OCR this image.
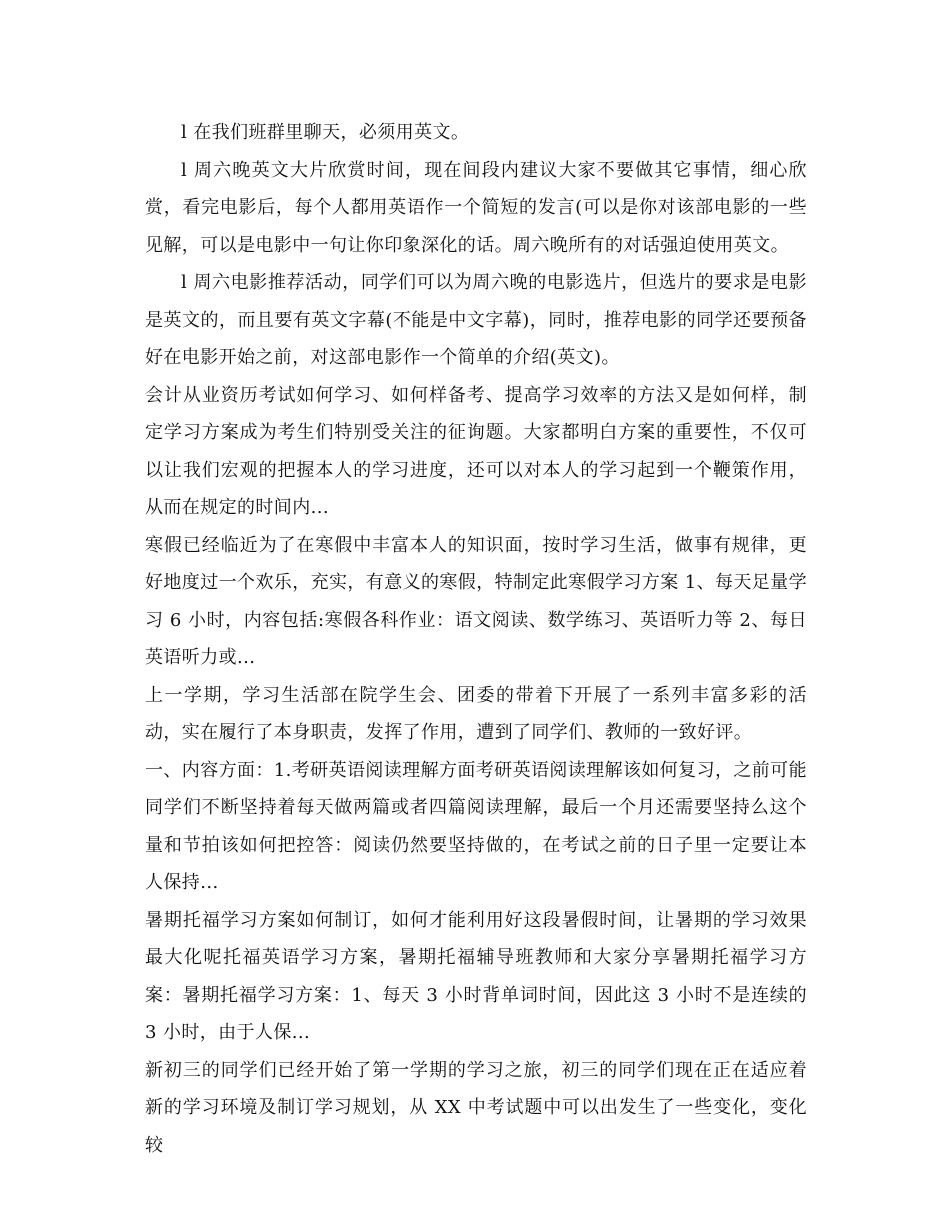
l 在我们班群里聊天，必须用英文。

l 周六晚英文大片欣赏时间，现在间段内建议大家不要做其它事情，细心欣赏，看完电影后，每个人都用英语作一个简短的发言(可以是你对该部电影的一些见解，可以是电影中一句让你印象深化的话。周六晚所有的对话强迫使用英文。

l 周六电影推荐活动，同学们可以为周六晚的电影选片，但选片的要求是电影是英文的，而且要有英文字幕(不能是中文字幕)，同时，推荐电影的同学还要预备好在电影开始之前，对这部电影作一个简单的介绍(英文)。

会计从业资历考试如何学习、如何样备考、提高学习效率的方法又是如何样，制定学习方案成为考生们特别受关注的征询题。大家都明白方案的重要性，不仅可以让我们宏观的把握本人的学习进度，还可以对本人的学习起到一个鞭策作用，从而在规定的时间内...

寒假已经临近为了在寒假中丰富本人的知识面，按时学习生活，做事有规律，更好地度过一个欢乐，充实，有意义的寒假，特制定此寒假学习方案 1、每天足量学习 6 小时，内容包括:寒假各科作业：语文阅读、数学练习、英语听力等 2、每日英语听力或...

上一学期，学习生活部在院学生会、团委的带着下开展了一系列丰富多彩的活动，实在履行了本身职责，发挥了作用，遭到了同学们、教师的一致好评。

一、内容方面：1.考研英语阅读理解方面考研英语阅读理解该如何复习，之前可能同学们不断坚持着每天做两篇或者四篇阅读理解，最后一个月还需要坚持么这个量和节拍该如何把控答：阅读仍然要坚持做的，在考试之前的日子里一定要让本人保持...

暑期托福学习方案如何制订，如何才能利用好这段暑假时间，让暑期的学习效果最大化呢托福英语学习方案，暑期托福辅导班教师和大家分享暑期托福学习方案：暑期托福学习方案：1、每天 3 小时背单词时间，因此这 3 小时不是连续的 3 小时，由于人保...

新初三的同学们已经开始了第一学期的学习之旅，初三的同学们现在正在适应着新的学习环境及制订学习规划，从 XX 中考试题中可以出发生了一些变化，变化较
